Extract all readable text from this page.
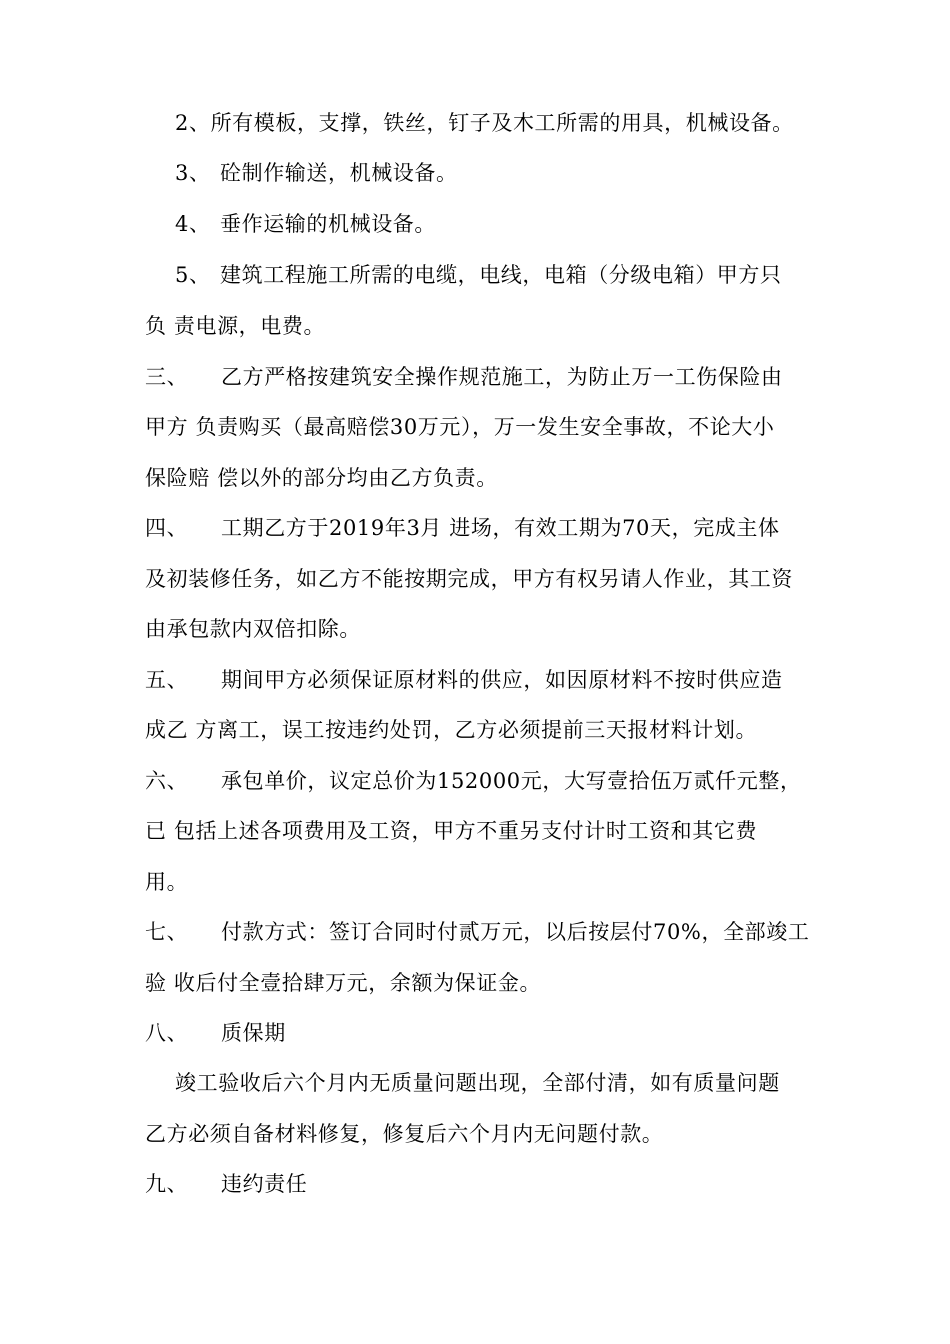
2、所有模板，支撑，铁丝，钉子及木工所需的用具，机械设备。
3、 砼制作输送，机械设备。
4、 垂作运输的机械设备。
5、 建筑工程施工所需的电缆，电线，电箱（分级电箱）甲方只
负 责电源，电费。
三、 乙方严格按建筑安全操作规范施工，为防止万一工伤保险由
甲方 负责购买（最高赔偿30万元），万一发生安全事故，不论大小
保险赔 偿以外的部分均由乙方负责。
四、 工期乙方于2019年3月 进场，有效工期为70天，完成主体
及初装修任务，如乙方不能按期完成，甲方有权另请人作业，其工资
由承包款内双倍扣除。
五、 期间甲方必须保证原材料的供应，如因原材料不按时供应造
成乙 方离工，误工按违约处罚，乙方必须提前三天报材料计划。
六、 承包单价，议定总价为152000元，大写壹拾伍万贰仟元整，
已 包括上述各项费用及工资，甲方不重另支付计时工资和其它费
用。
七、 付款方式：签订合同时付贰万元，以后按层付70%，全部竣工
验 收后付全壹拾肆万元，余额为保证金。
八、 质保期
竣工验收后六个月内无质量问题出现，全部付清，如有质量问题
乙方必须自备材料修复，修复后六个月内无问题付款。
九、 违约责任
